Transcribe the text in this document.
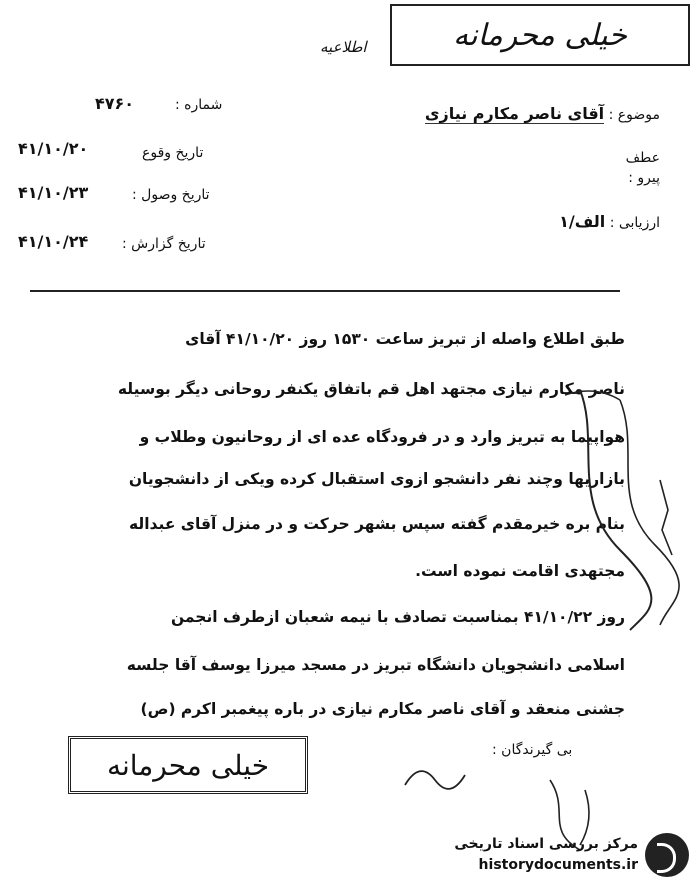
خیلی محرمانه
اطلاعیه
موضوع : آقای ناصر مکارم نیازی
عطف
پیرو :
ارزیابی : الف/۱
شماره :
۴۷۶۰
تاریخ وقوع
۴۱/۱۰/۲۰
تاریخ وصول :
۴۱/۱۰/۲۳
تاریخ گزارش :
۴۱/۱۰/۲۴
طبق اطلاع واصله از تبریز ساعت ۱۵۳۰ روز ۴۱/۱۰/۲۰ آقای
ناصر مکارم نیازی مجتهد اهل قم باتفاق یکنفر روحانی دیگر بوسیله
هواپیما به تبریز وارد و در فرودگاه عده ای از روحانیون وطلاب و
بازاریها وچند نفر دانشجو ازوی استقبال کرده ویکی از دانشجویان
بنام بره خیرمقدم گفته سپس بشهر حرکت و در منزل آقای عبداله
مجتهدی اقامت نموده است.
روز ۴۱/۱۰/۲۲ بمناسبت تصادف با نیمه شعبان ازطرف انجمن
اسلامی دانشجویان دانشگاه تبریز در مسجد میرزا یوسف آقا جلسه
جشنی منعقد و آقای ناصر مکارم نیازی در باره پیغمبر اکرم (ص)
خیلی محرمانه	بی گیرندگان :
مرکز بررسی اسناد تاریخی
historydocuments.ir
